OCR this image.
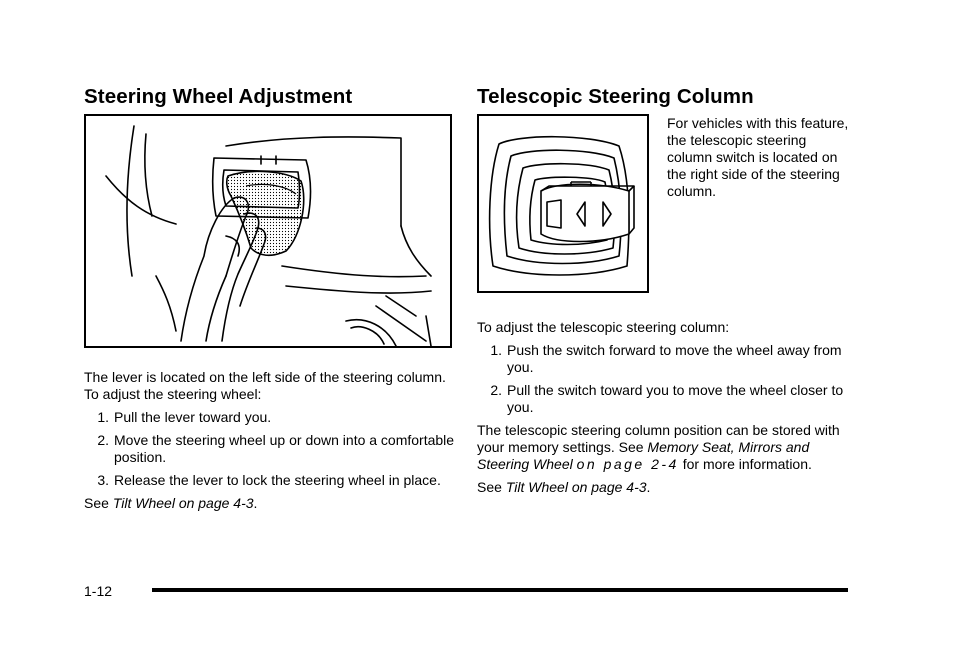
Steering Wheel Adjustment

The lever is located on the left side of the steering column. To adjust the steering wheel:

1. Pull the lever toward you.
2. Move the steering wheel up or down into a comfortable position.
3. Release the lever to lock the steering wheel in place.

See Tilt Wheel on page 4-3.

Telescopic Steering Column

For vehicles with this feature, the telescopic steering column switch is located on the right side of the steering column.

To adjust the telescopic steering column:

1. Push the switch forward to move the wheel away from you.
2. Pull the switch toward you to move the wheel closer to you.

The telescopic steering column position can be stored with your memory settings. See Memory Seat, Mirrors and Steering Wheel on page 2-4 for more information.

See Tilt Wheel on page 4-3.

1-12
